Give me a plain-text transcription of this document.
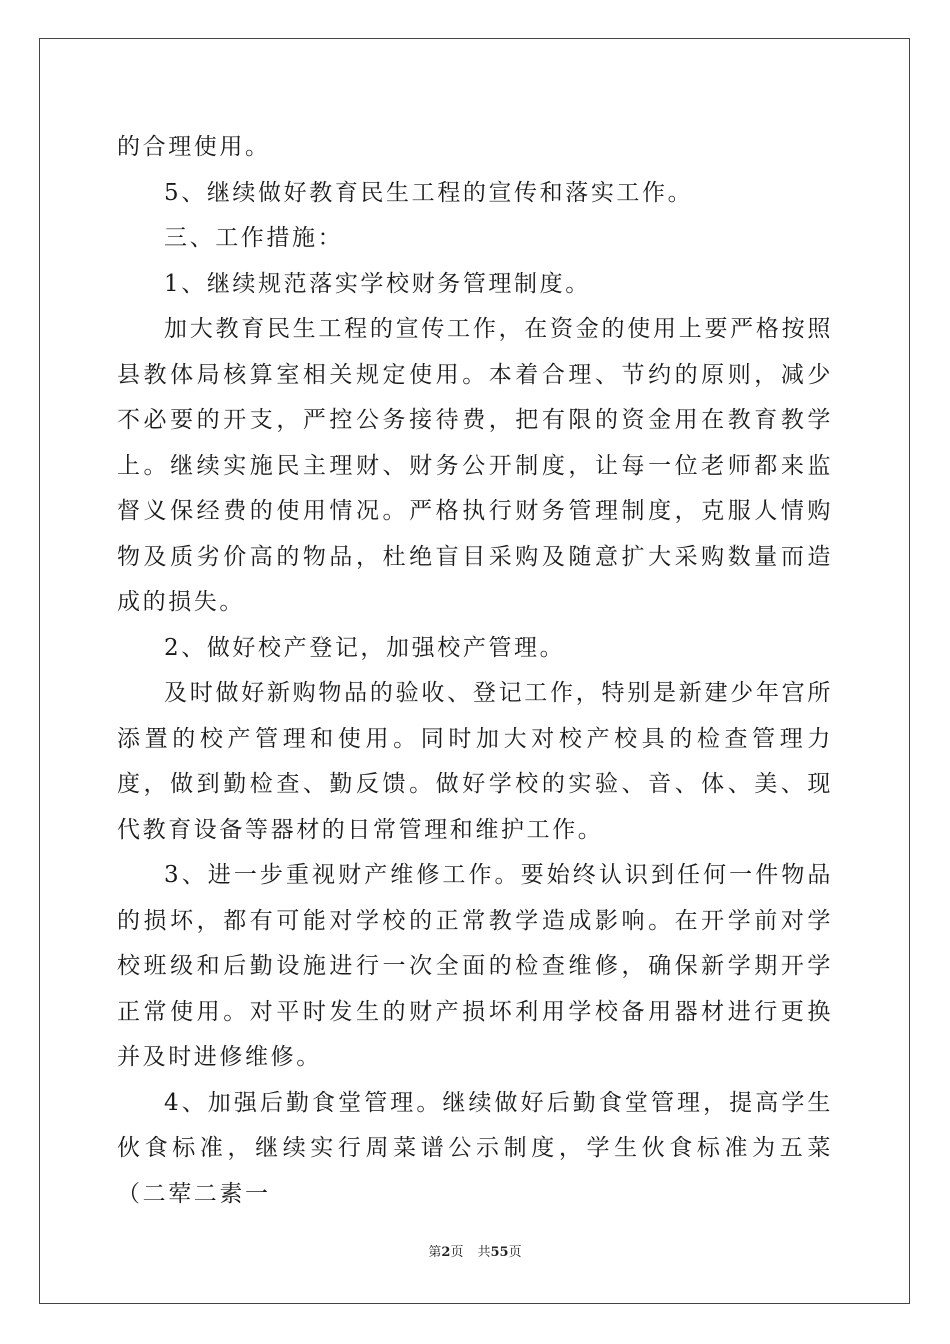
的合理使用。

5、继续做好教育民生工程的宣传和落实工作。

三、工作措施：

1、继续规范落实学校财务管理制度。

加大教育民生工程的宣传工作，在资金的使用上要严格按照县教体局核算室相关规定使用。本着合理、节约的原则，减少不必要的开支，严控公务接待费，把有限的资金用在教育教学上。继续实施民主理财、财务公开制度，让每一位老师都来监督义保经费的使用情况。严格执行财务管理制度，克服人情购物及质劣价高的物品，杜绝盲目采购及随意扩大采购数量而造成的损失。

2、做好校产登记，加强校产管理。

及时做好新购物品的验收、登记工作，特别是新建少年宫所添置的校产管理和使用。同时加大对校产校具的检查管理力度，做到勤检查、勤反馈。做好学校的实验、音、体、美、现代教育设备等器材的日常管理和维护工作。

3、进一步重视财产维修工作。要始终认识到任何一件物品的损坏，都有可能对学校的正常教学造成影响。在开学前对学校班级和后勤设施进行一次全面的检查维修，确保新学期开学正常使用。对平时发生的财产损坏利用学校备用器材进行更换并及时进修维修。

4、加强后勤食堂管理。继续做好后勤食堂管理，提高学生伙食标准，继续实行周菜谱公示制度，学生伙食标准为五菜（二荤二素一

第2页 共55页
